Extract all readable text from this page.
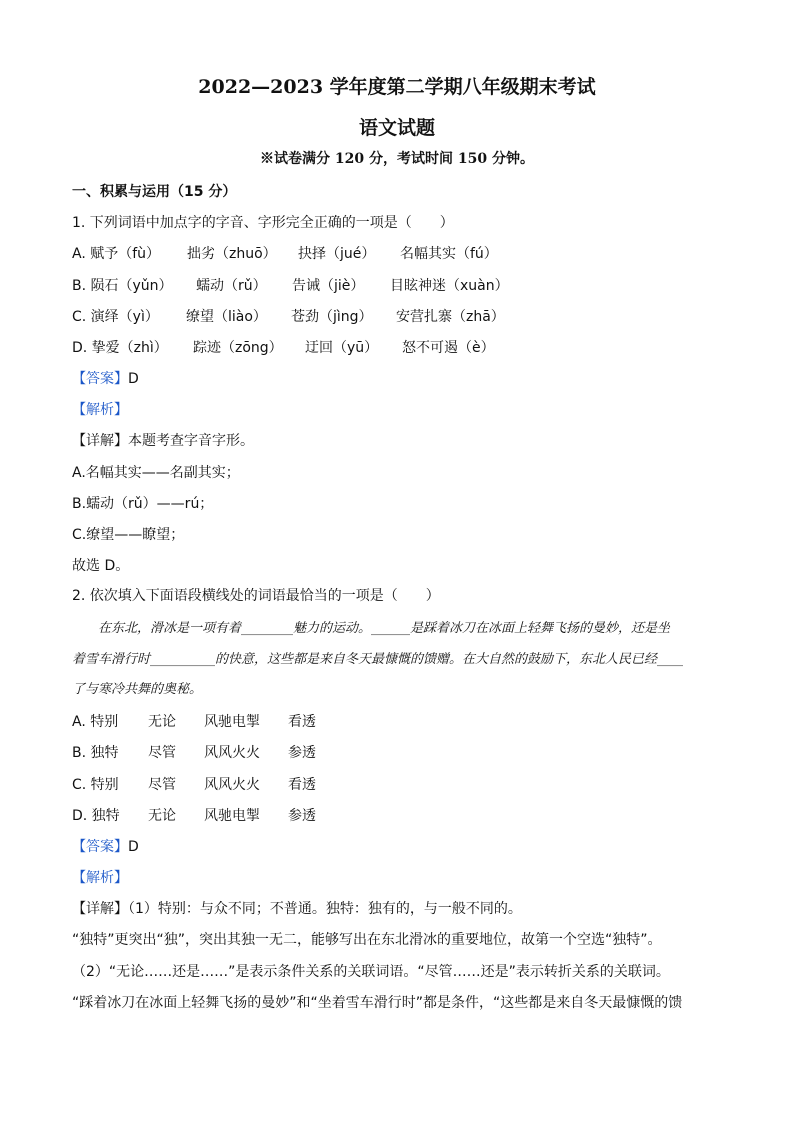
2022—2023 学年度第二学期八年级期末考试
语文试题
※试卷满分 120 分，考试时间 150 分钟。
一、积累与运用（15 分）
1. 下列词语中加点字的字音、字形完全正确的一项是（　　）
A. 赋予（fù） 拙劣（zhuō） 抉择（jué） 名幅其实（fú）
B. 陨石（yǔn） 蠕动（rǔ） 告诫（jiè） 目眩神迷（xuàn）
C. 演绎（yì） 缭望（liào） 苍劲（jìng） 安营扎寨（zhā）
D. 挚爱（zhì） 踪迹（zōng） 迂回（yū） 怒不可遏（è）
【答案】D
【解析】
【详解】本题考查字音字形。
A.名幅其实——名副其实；
B.蠕动（rǔ）——rú；
C.缭望——瞭望；
故选 D。
2. 依次填入下面语段横线处的词语最恰当的一项是（　　）
　　在东北，滑冰是一项有着________魅力的运动。______是踩着冰刀在冰面上轻舞飞扬的曼妙，还是坐
着雪车滑行时__________的快意，这些都是来自冬天最慷慨的馈赠。在大自然的鼓励下，东北人民已经____
了与寒冷共舞的奥秘。
A. 特别 无论 风驰电掣 看透
B. 独特 尽管 风风火火 参透
C. 特别 尽管 风风火火 看透
D. 独特 无论 风驰电掣 参透
【答案】D
【解析】
【详解】（1）特别：与众不同；不普通。独特：独有的，与一般不同的。
“独特”更突出“独”，突出其独一无二，能够写出在东北滑冰的重要地位，故第一个空选“独特”。
（2）“无论……还是……”是表示条件关系的关联词语。“尽管……还是”表示转折关系的关联词。
“踩着冰刀在冰面上轻舞飞扬的曼妙”和“坐着雪车滑行时”都是条件，“这些都是来自冬天最慷慨的馈
